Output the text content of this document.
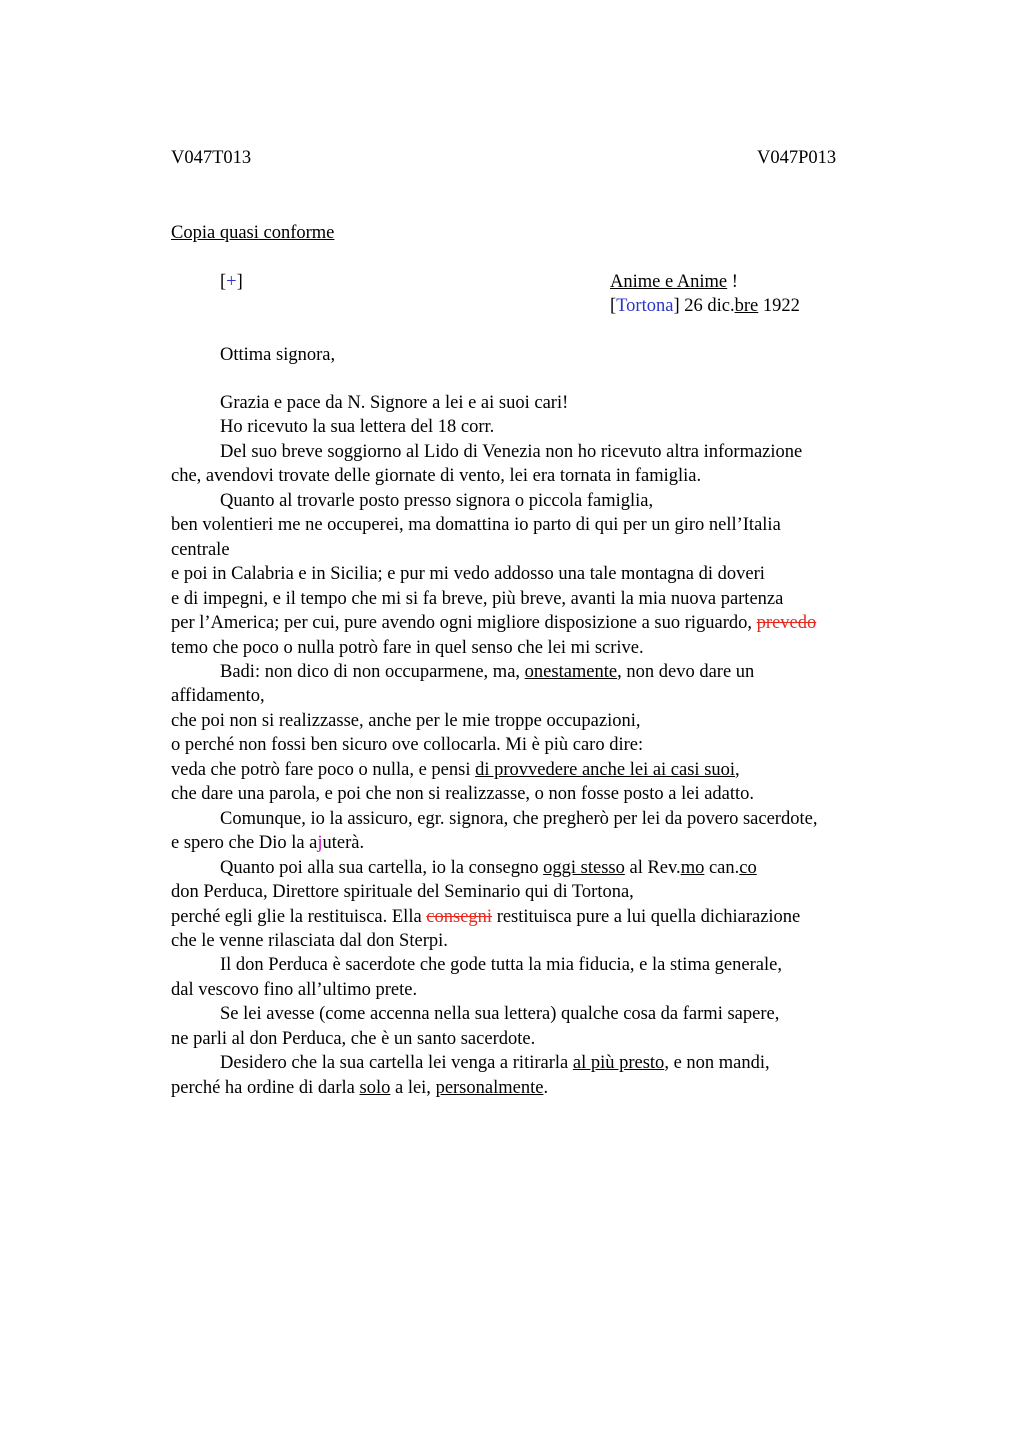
V047T013	V047P013
Copia quasi conforme
[+]	Anime e Anime !
[Tortona] 26 dic.bre 1922
Ottima signora,
Grazia e pace da N. Signore a lei e ai suoi cari!
Ho ricevuto la sua lettera del 18 corr.
Del suo breve soggiorno al Lido di Venezia non ho ricevuto altra informazione
che, avendovi trovate delle giornate di vento, lei era tornata in famiglia.
Quanto al trovarle posto presso signora o piccola famiglia,
ben volentieri me ne occuperei, ma domattina io parto di qui per un giro nell’Italia
centrale
e poi in Calabria e in Sicilia; e pur mi vedo addosso una tale montagna di doveri
e di impegni, e il tempo che mi si fa breve, più breve, avanti la mia nuova partenza
per l’America; per cui, pure avendo ogni migliore disposizione a suo riguardo, prevedo
temo che poco o nulla potrò fare in quel senso che lei mi scrive.
Badi: non dico di non occuparmene, ma, onestamente, non devo dare un
affidamento,
che poi non si realizzasse, anche per le mie troppe occupazioni,
o perché non fossi ben sicuro ove collocarla. Mi è più caro dire:
veda che potrò fare poco o nulla, e pensi di provvedere anche lei ai casi suoi,
che dare una parola, e poi che non si realizzasse, o non fosse posto a lei adatto.
Comunque, io la assicuro, egr. signora, che pregherò per lei da povero sacerdote,
e spero che Dio la ajuterà.
Quanto poi alla sua cartella, io la consegno oggi stesso al Rev.mo can.co
don Perduca, Direttore spirituale del Seminario qui di Tortona,
perché egli glie la restituisca. Ella consegni restituisca pure a lui quella dichiarazione
che le venne rilasciata dal don Sterpi.
Il don Perduca è sacerdote che gode tutta la mia fiducia, e la stima generale,
dal vescovo fino all’ultimo prete.
Se lei avesse (come accenna nella sua lettera) qualche cosa da farmi sapere,
ne parli al don Perduca, che è un santo sacerdote.
Desidero che la sua cartella lei venga a ritirarla al più presto, e non mandi,
perché ha ordine di darla solo a lei, personalmente.
